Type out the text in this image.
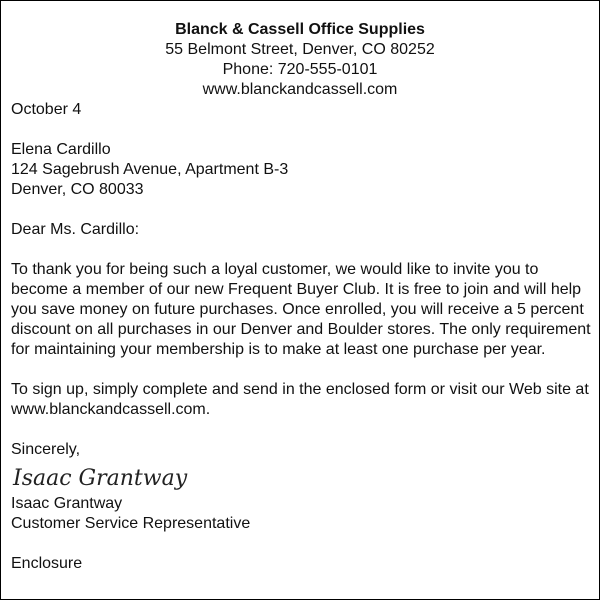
Blanck & Cassell Office Supplies
55 Belmont Street, Denver, CO 80252
Phone: 720-555-0101
www.blanckandcassell.com
October 4
Elena Cardillo
124 Sagebrush Avenue, Apartment B-3
Denver, CO 80033
Dear Ms. Cardillo:

To thank you for being such a loyal customer, we would like to invite you to become a member of our new Frequent Buyer Club. It is free to join and will help you save money on future purchases. Once enrolled, you will receive a 5 percent discount on all purchases in our Denver and Boulder stores. The only requirement for maintaining your membership is to make at least one purchase per year.

To sign up, simply complete and send in the enclosed form or visit our Web site at www.blanckandcassell.com.

Sincerely,
Isaac Grantway
Isaac Grantway
Customer Service Representative
Enclosure
